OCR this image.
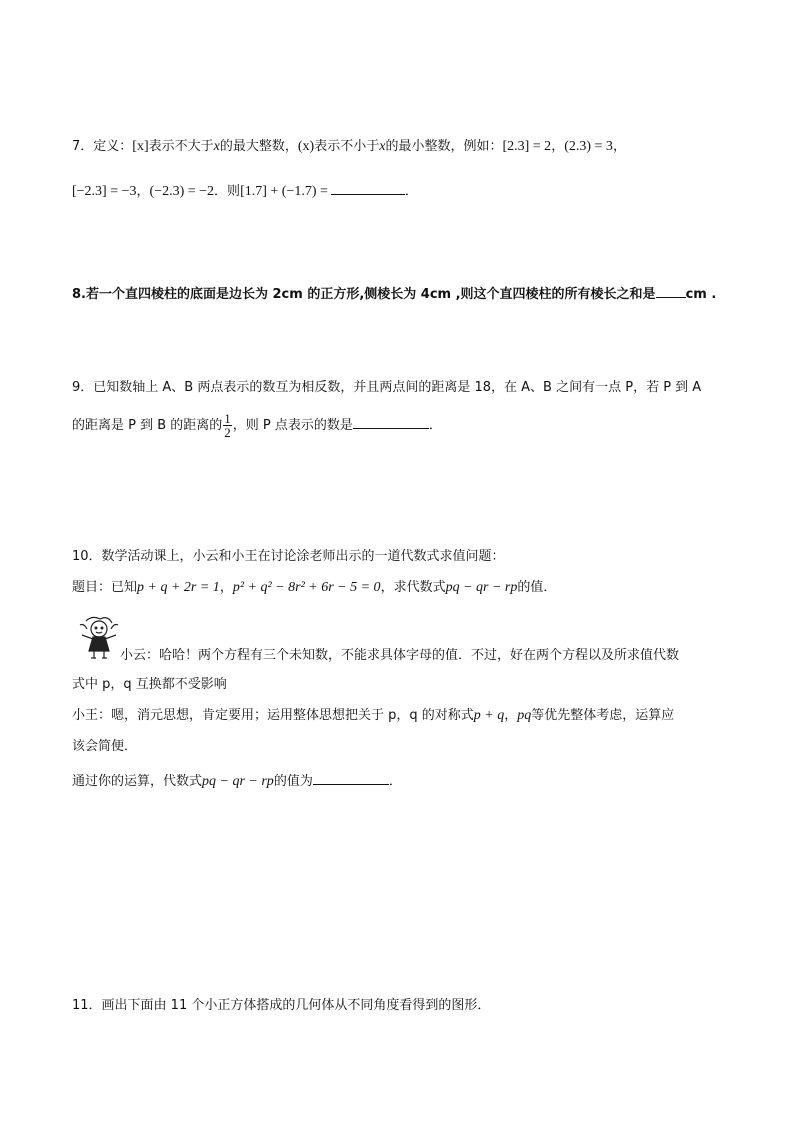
7．定义：[x]表示不大于x的最大整数，(x)表示不小于x的最小整数，例如：[2.3] = 2，(2.3) = 3，
[−2.3] = −3，(−2.3) = −2．则[1.7] + (−1.7) =	．
8.若一个直四棱柱的底面是边长为 2cm 的正方形,侧棱长为 4cm ,则这个直四棱柱的所有棱长之和是 cm .
9．已知数轴上 A、B 两点表示的数互为相反数，并且两点间的距离是 18，在 A、B 之间有一点 P，若 P 到 A
的距离是 P 到 B 的距离的 $\frac{1}{2}$ ，则 P 点表示的数是	．
10．数学活动课上，小云和小王在讨论涂老师出示的一道代数式求值问题：
题目：已知p + q + 2r = 1，p² + q² − 8r² + 6r − 5 = 0，求代数式pq − qr − rp的值．
小云：哈哈！两个方程有三个未知数，不能求具体字母的值．不过，好在两个方程以及所求值代数
式中 p，q 互换都不受影响
小王：嗯，消元思想，肯定要用；运用整体思想把关于 p，q 的对称式p + q，pq等优先整体考虑，运算应
该会简便．
通过你的运算，代数式pq − qr − rp的值为	．
11．画出下面由 11 个小正方体搭成的几何体从不同角度看得到的图形．
